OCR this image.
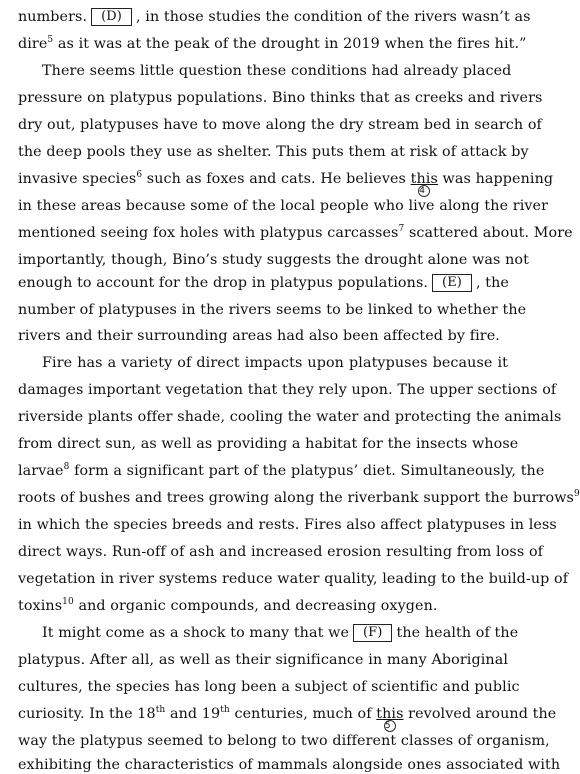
numbers. (D) , in those studies the condition of the rivers wasn’t as
dire$^5$ as it was at the peak of the drought in 2019 when the fires hit.”
There seems little question these conditions had already placed
pressure on platypus populations. Bino thinks that as creeks and rivers
dry out, platypuses have to move along the dry stream bed in search of
the deep pools they use as shelter. This puts them at risk of attack by
invasive species$^6$ such as foxes and cats. He believes this
4
was happening
in these areas because some of the local people who live along the river
mentioned seeing fox holes with platypus carcasses$^7$ scattered about. More
importantly, though, Bino’s study suggests the drought alone was not
enough to account for the drop in platypus populations. (E) , the
number of platypuses in the rivers seems to be linked to whether the
rivers and their surrounding areas had also been affected by fire.
Fire has a variety of direct impacts upon platypuses because it
damages important vegetation that they rely upon. The upper sections of
riverside plants offer shade, cooling the water and protecting the animals
from direct sun, as well as providing a habitat for the insects whose
larvae$^8$ form a significant part of the platypus’ diet. Simultaneously, the
roots of bushes and trees growing along the riverbank support the burrows$^9$
in which the species breeds and rests. Fires also affect platypuses in less
direct ways. Run-off of ash and increased erosion resulting from loss of
vegetation in river systems reduce water quality, leading to the build-up of
toxins$^{10}$ and organic compounds, and decreasing oxygen.
It might come as a shock to many that we (F) the health of the
platypus. After all, as well as their significance in many Aboriginal
cultures, the species has long been a subject of scientific and public
curiosity. In the 18th and 19th centuries, much of this
5
revolved around the
way the platypus seemed to belong to two different classes of organism,
exhibiting the characteristics of mammals alongside ones associated with
